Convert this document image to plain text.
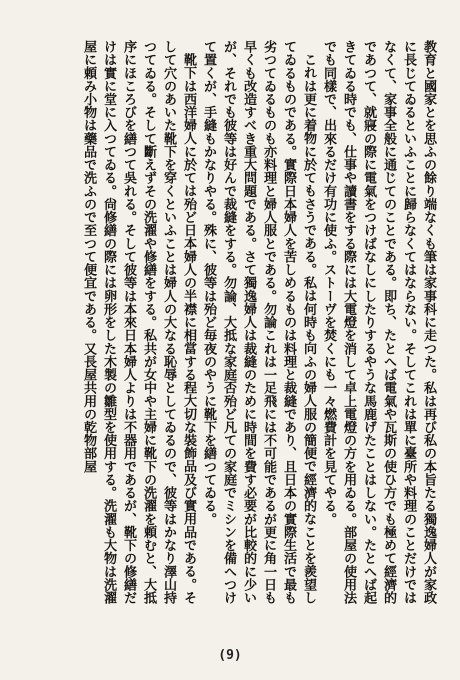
教育と國家とを思ふの餘り端なくも筆は家事科に走つた。私は再び私の本旨たる獨逸婦人が家政に長じてゐるといふことに歸らなくてはならない。そしてこれは單に臺所や料理のことだけではなくて、家事全般に通じてのことである。即ち、たとへば電氣や瓦斯の使ひ方でも極めて經濟的であつて、就寢の際に電氣をつけばなしにしたりするやうな馬鹿げたことはしない。たとへば起きてゐる時でも、仕事や讀書をする際には大電燈を消して卓上電燈の方を用ゐる。部屋の使用法でも同樣で、出來るだけ有功に使ふ。ストーヴを焚くにも一々燃費計を見てやる。

これは更に着物に於てもさうである。私は何時も向ふの婦人服の簡便で經濟的なことを羨望してゐるものである。實際日本婦人を苦しめるものは料理と裁縫であり、且日本の實際生活で最も劣つてゐるものも亦料理と婦人服とである。勿論これは一足飛には不可能であるが更に角一日も早くも改造すべき重大問題である。さて獨逸婦人は裁縫のために時間を費す必要が比較的に少いが、それでも彼等は好んで裁縫をする。勿論、大抵な家庭否殆ど凡ての家庭でミシンを備へつけて置くが、手縫もかなりやる。殊に、彼等は殆ど毎夜のやうに靴下を繕つてゐる。

靴下は西洋婦人に於ては殆ど日本婦人の半襟に相當する程大切な裝飾品及び實用品である。そして穴のあいた靴下を穿くといふことは婦人の大なる恥辱としてゐるので、彼等はかなり澤山持つてゐる。そして斷えずその洗濯や修繕をする。私共が女中や主婦に靴下の洗濯を頼むと、大抵序にほころびを繕つて吳れる。そして彼等は本來日本婦人よりは不器用であるが、靴下の修繕だけは實に堂に入つてゐる。尙修繕の際には卵形をした木製の雛型を使用する。洗濯も大物は洗濯屋に頼み小物は藥品で洗ふので至つて便宜である。又長屋共用の乾物部屋

(9)
